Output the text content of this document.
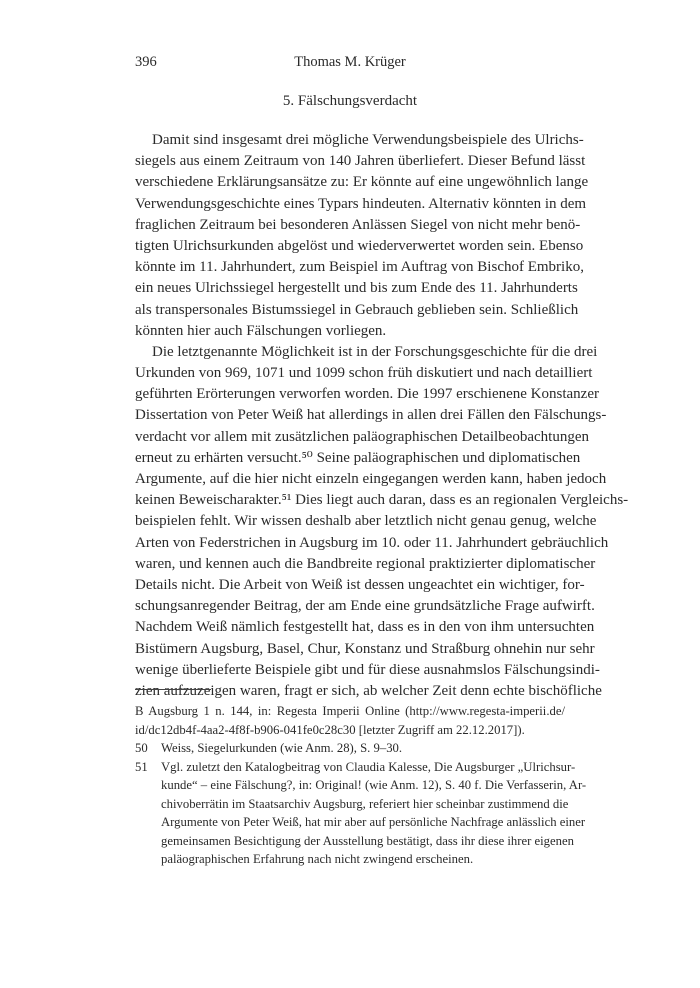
396	Thomas M. Krüger
5. Fälschungsverdacht
Damit sind insgesamt drei mögliche Verwendungsbeispiele des Ulrichs-
siegels aus einem Zeitraum von 140 Jahren überliefert. Dieser Befund lässt
verschiedene Erklärungsansätze zu: Er könnte auf eine ungewöhnlich lange
Verwendungsgeschichte eines Typars hindeuten. Alternativ könnten in dem
fraglichen Zeitraum bei besonderen Anlässen Siegel von nicht mehr benö-
tigten Ulrichsurkunden abgelöst und wiederverwertet worden sein. Ebenso
könnte im 11. Jahrhundert, zum Beispiel im Auftrag von Bischof Embriko,
ein neues Ulrichssiegel hergestellt und bis zum Ende des 11. Jahrhunderts
als transpersonales Bistumssiegel in Gebrauch geblieben sein. Schließlich
könnten hier auch Fälschungen vorliegen.
Die letztgenannte Möglichkeit ist in der Forschungsgeschichte für die drei
Urkunden von 969, 1071 und 1099 schon früh diskutiert und nach detailliert
geführten Erörterungen verworfen worden. Die 1997 erschienene Konstanzer
Dissertation von Peter Weiß hat allerdings in allen drei Fällen den Fälschungs-
verdacht vor allem mit zusätzlichen paläographischen Detailbeobachtungen
erneut zu erhärten versucht.⁵⁰ Seine paläographischen und diplomatischen
Argumente, auf die hier nicht einzeln eingegangen werden kann, haben jedoch
keinen Beweischarakter.⁵¹ Dies liegt auch daran, dass es an regionalen Vergleichs-
beispielen fehlt. Wir wissen deshalb aber letztlich nicht genau genug, welche
Arten von Federstrichen in Augsburg im 10. oder 11. Jahrhundert gebräuchlich
waren, und kennen auch die Bandbreite regional praktizierter diplomatischer
Details nicht. Die Arbeit von Weiß ist dessen ungeachtet ein wichtiger, for-
schungsanregender Beitrag, der am Ende eine grundsätzliche Frage aufwirft.
Nachdem Weiß nämlich festgestellt hat, dass es in den von ihm untersuchten
Bistümern Augsburg, Basel, Chur, Konstanz und Straßburg ohnehin nur sehr
wenige überlieferte Beispiele gibt und für diese ausnahmslos Fälschungsindi-
zien aufzuzeigen waren, fragt er sich, ab welcher Zeit denn echte bischöfliche
B Augsburg 1 n. 144, in: Regesta Imperii Online (http://www.regesta-imperii.de/
id/dc12db4f-4aa2-4f8f-b906-041fe0c28c30 [letzter Zugriff am 22.12.2017]).
50 Weiss, Siegelurkunden (wie Anm. 28), S. 9–30.
51 Vgl. zuletzt den Katalogbeitrag von Claudia Kalesse, Die Augsburger „Ulrichsur-
kunde“ – eine Fälschung?, in: Original! (wie Anm. 12), S. 40 f. Die Verfasserin, Ar-
chivoberrätin im Staatsarchiv Augsburg, referiert hier scheinbar zustimmend die
Argumente von Peter Weiß, hat mir aber auf persönliche Nachfrage anlässlich einer
gemeinsamen Besichtigung der Ausstellung bestätigt, dass ihr diese ihrer eigenen
paläographischen Erfahrung nach nicht zwingend erscheinen.
